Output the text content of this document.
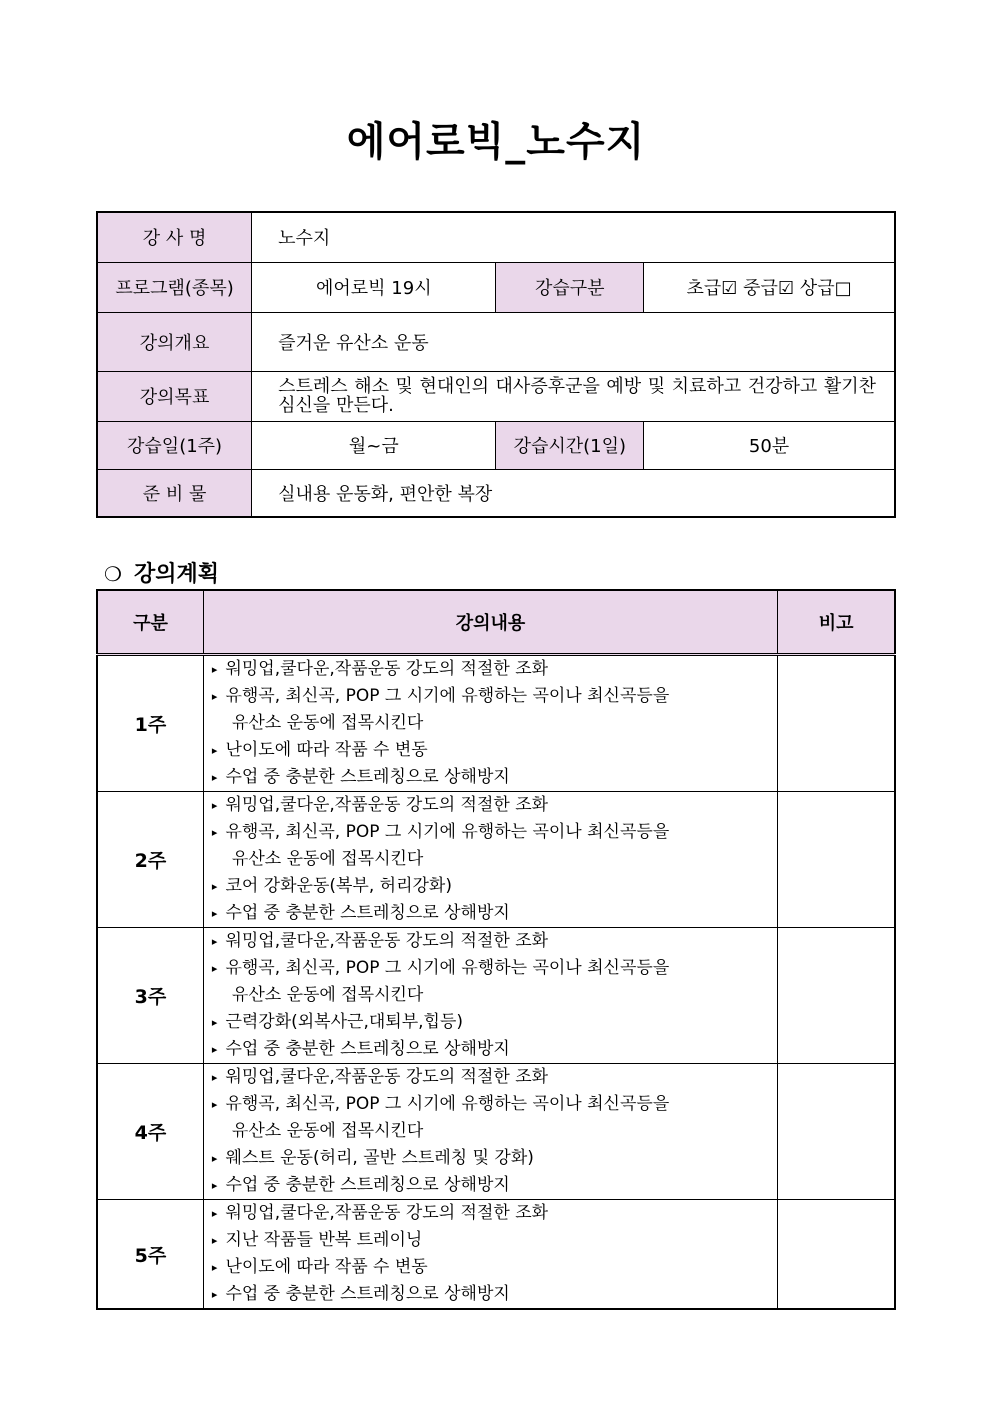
에어로빅_노수지
강 사 명	노수지		
프로그램(종목)	에어로빅 19시	강습구분	초급☑ 중급☑ 상급□
강의개요	즐거운 유산소 운동		
강의목표	스트레스 해소 및 현대인의 대사증후군을 예방 및 치료하고 건강하고 활기찬 심신을 만든다.		
강습일(1주)	월~금	강습시간(1일)	50분
준 비 물	실내용 운동화, 편안한 복장		
❍ 강의계획
구분	강의내용	비고
1주	▸ 워밍업,쿨다운,작품운동 강도의 적절한 조화
▸ 유행곡, 최신곡, POP 그 시기에 유행하는 곡이나 최신곡등을
유산소 운동에 접목시킨다
▸ 난이도에 따라 작품 수 변동
▸ 수업 중 충분한 스트레칭으로 상해방지	

2주	▸ 워밍업,쿨다운,작품운동 강도의 적절한 조화
▸ 유행곡, 최신곡, POP 그 시기에 유행하는 곡이나 최신곡등을
유산소 운동에 접목시킨다
▸ 코어 강화운동(복부, 허리강화)
▸ 수업 중 충분한 스트레칭으로 상해방지	

3주	▸ 워밍업,쿨다운,작품운동 강도의 적절한 조화
▸ 유행곡, 최신곡, POP 그 시기에 유행하는 곡이나 최신곡등을
유산소 운동에 접목시킨다
▸ 근력강화(외복사근,대퇴부,힙등)
▸ 수업 중 충분한 스트레칭으로 상해방지	

4주	▸ 워밍업,쿨다운,작품운동 강도의 적절한 조화
▸ 유행곡, 최신곡, POP 그 시기에 유행하는 곡이나 최신곡등을
유산소 운동에 접목시킨다
▸ 웨스트 운동(허리, 골반 스트레칭 및 강화)
▸ 수업 중 충분한 스트레칭으로 상해방지	

5주	▸ 워밍업,쿨다운,작품운동 강도의 적절한 조화
▸ 지난 작품들 반복 트레이닝
▸ 난이도에 따라 작품 수 변동
▸ 수업 중 충분한 스트레칭으로 상해방지	
